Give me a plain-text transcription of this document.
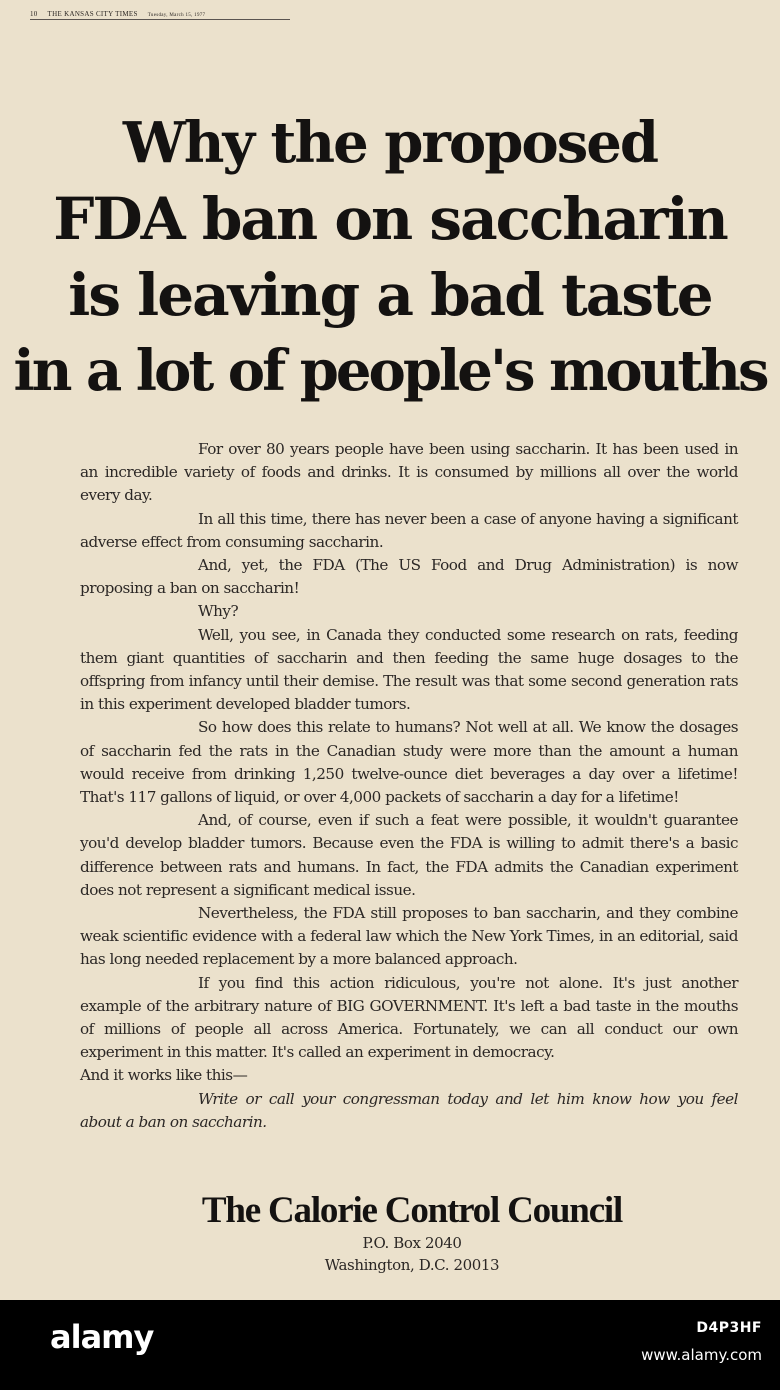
10 THE KANSAS CITY TIMES Tuesday, March 15, 1977
Why the proposed
FDA ban on saccharin
is leaving a bad taste
in a lot of people's mouths

For over 80 years people have been using saccharin. It has been used in an incredible variety of foods and drinks. It is consumed by millions all over the world every day.

In all this time, there has never been a case of anyone having a significant adverse effect from consuming saccharin.

And, yet, the FDA (The US Food and Drug Administration) is now proposing a ban on saccharin!

Why?

Well, you see, in Canada they conducted some research on rats, feeding them giant quantities of saccharin and then feeding the same huge dosages to the offspring from infancy until their demise. The result was that some second generation rats in this experiment developed bladder tumors.

So how does this relate to humans? Not well at all. We know the dosages of saccharin fed the rats in the Canadian study were more than the amount a human would receive from drinking 1,250 twelve-ounce diet beverages a day over a lifetime! That's 117 gallons of liquid, or over 4,000 packets of saccharin a day for a lifetime!

And, of course, even if such a feat were possible, it wouldn't guarantee you'd develop bladder tumors. Because even the FDA is willing to admit there's a basic difference between rats and humans. In fact, the FDA admits the Canadian experiment does not represent a significant medical issue.

Nevertheless, the FDA still proposes to ban saccharin, and they combine weak scientific evidence with a federal law which the New York Times, in an editorial, said has long needed replacement by a more balanced approach.

If you find this action ridiculous, you're not alone. It's just another example of the arbitrary nature of BIG GOVERNMENT. It's left a bad taste in the mouths of millions of people all across America. Fortunately, we can all conduct our own experiment in this matter. It's called an experiment in democracy.

And it works like this—

Write or call your congressman today and let him know how you feel about a ban on saccharin.

The Calorie Control Council
P.O. Box 2040
Washington, D.C. 20013
alamy	D4P3HF
www.alamy.com
